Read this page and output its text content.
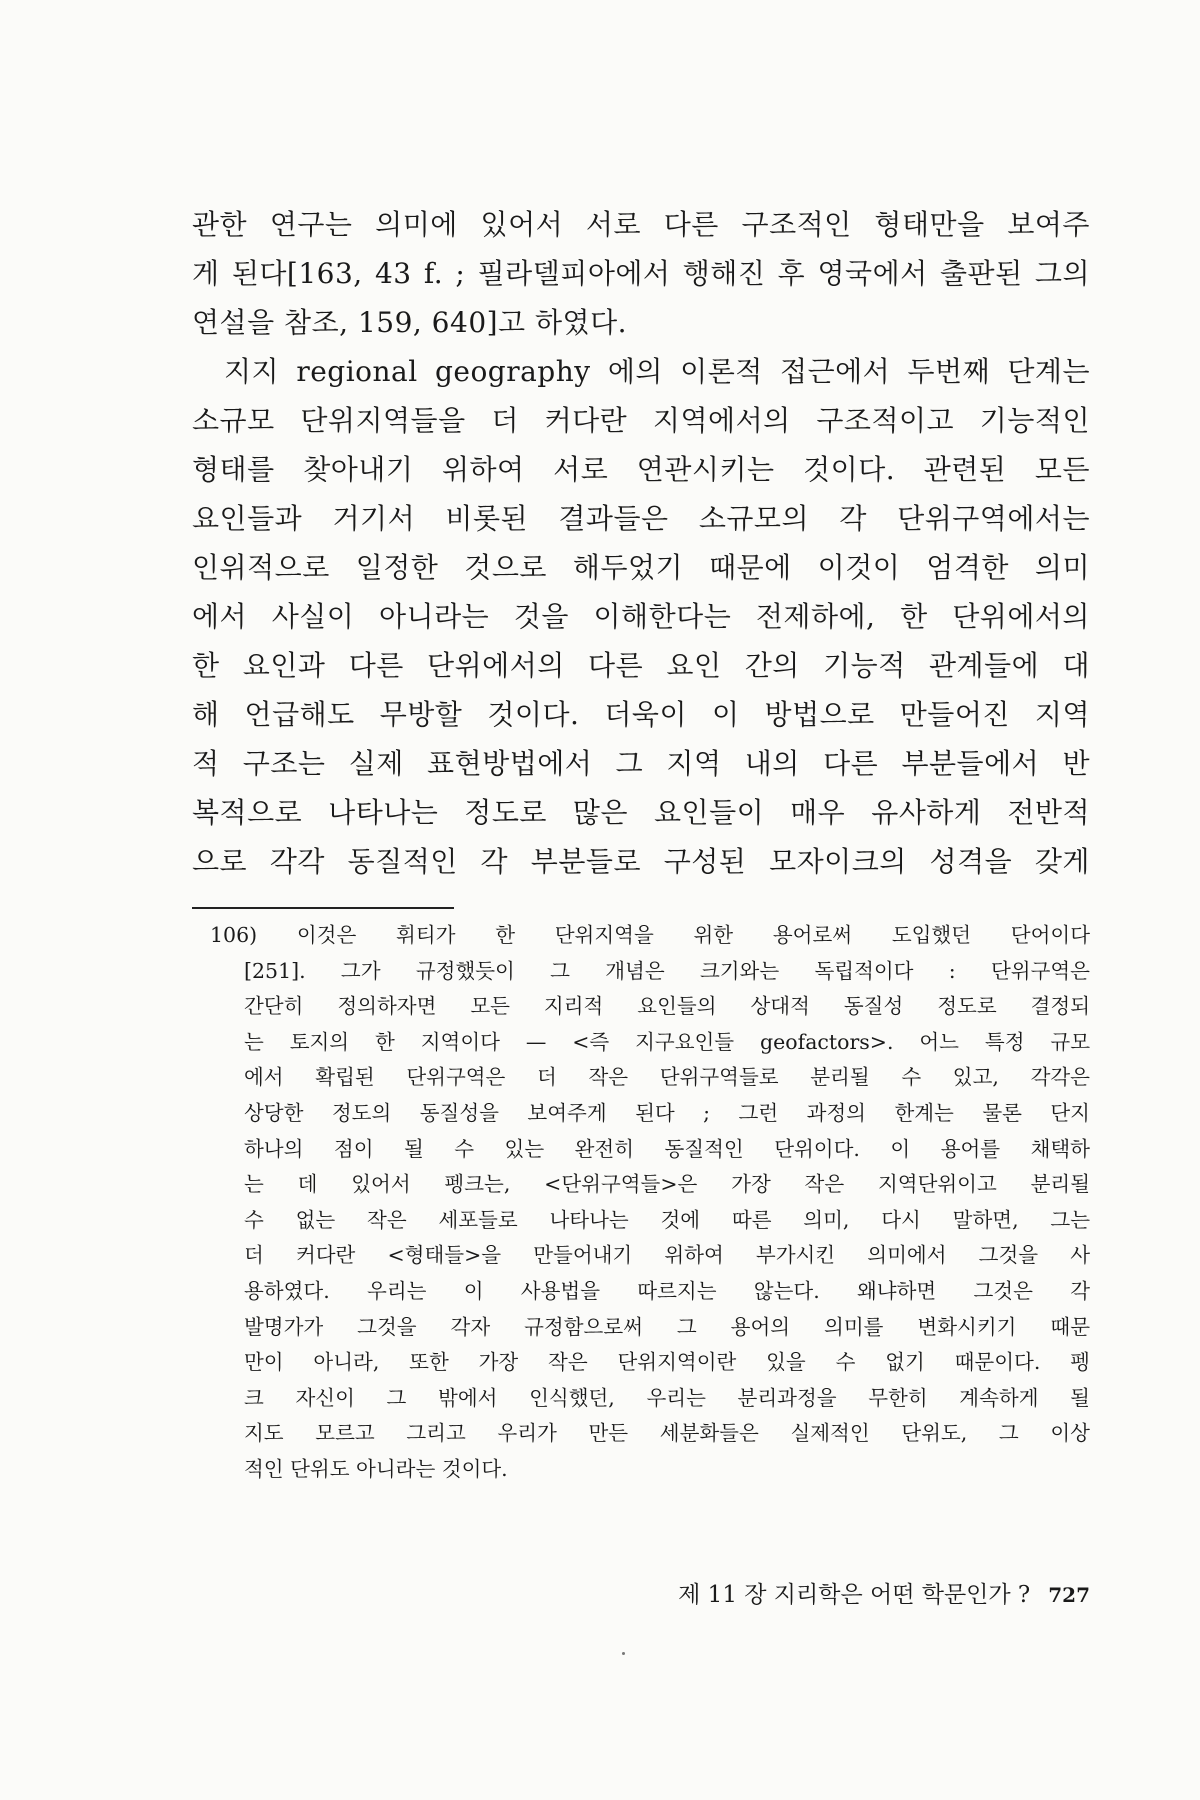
관한 연구는 의미에 있어서 서로 다른 구조적인 형태만을 보여주
게 된다[163, 43 f. ; 필라델피아에서 행해진 후 영국에서 출판된 그의
연설을 참조, 159, 640]고 하였다.
지지 regional geography 에의 이론적 접근에서 두번째 단계는
소규모 단위지역들을 더 커다란 지역에서의 구조적이고 기능적인
형태를 찾아내기 위하여 서로 연관시키는 것이다. 관련된 모든
요인들과 거기서 비롯된 결과들은 소규모의 각 단위구역에서는
인위적으로 일정한 것으로 해두었기 때문에 이것이 엄격한 의미
에서 사실이 아니라는 것을 이해한다는 전제하에, 한 단위에서의
한 요인과 다른 단위에서의 다른 요인 간의 기능적 관계들에 대
해 언급해도 무방할 것이다. 더욱이 이 방법으로 만들어진 지역
적 구조는 실제 표현방법에서 그 지역 내의 다른 부분들에서 반
복적으로 나타나는 정도로 많은 요인들이 매우 유사하게 전반적
으로 각각 동질적인 각 부분들로 구성된 모자이크의 성격을 갖게
106) 이것은 휘티가 한 단위지역을 위한 용어로써 도입했던 단어이다
[251]. 그가 규정했듯이 그 개념은 크기와는 독립적이다 : 단위구역은
간단히 정의하자면 모든 지리적 요인들의 상대적 동질성 정도로 결정되
는 토지의 한 지역이다 — <즉 지구요인들 geofactors>. 어느 특정 규모
에서 확립된 단위구역은 더 작은 단위구역들로 분리될 수 있고, 각각은
상당한 정도의 동질성을 보여주게 된다 ; 그런 과정의 한계는 물론 단지
하나의 점이 될 수 있는 완전히 동질적인 단위이다. 이 용어를 채택하
는 데 있어서 펭크는, <단위구역들>은 가장 작은 지역단위이고 분리될
수 없는 작은 세포들로 나타나는 것에 따른 의미, 다시 말하면, 그는
더 커다란 <형태들>을 만들어내기 위하여 부가시킨 의미에서 그것을 사
용하였다. 우리는 이 사용법을 따르지는 않는다. 왜냐하면 그것은 각
발명가가 그것을 각자 규정함으로써 그 용어의 의미를 변화시키기 때문
만이 아니라, 또한 가장 작은 단위지역이란 있을 수 없기 때문이다. 펭
크 자신이 그 밖에서 인식했던, 우리는 분리과정을 무한히 계속하게 될
지도 모르고 그리고 우리가 만든 세분화들은 실제적인 단위도, 그 이상
적인 단위도 아니라는 것이다.
제 11 장 지리학은 어떤 학문인가 ? 727
